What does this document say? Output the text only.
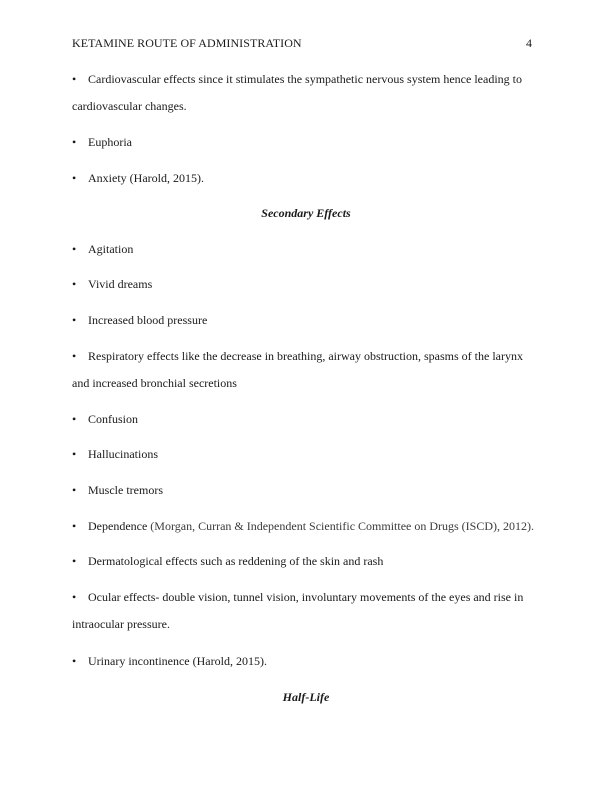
KETAMINE ROUTE OF ADMINISTRATION	4
• Cardiovascular effects since it stimulates the sympathetic nervous system hence leading to
cardiovascular changes.
• Euphoria
• Anxiety (Harold, 2015).
Secondary Effects
• Agitation
• Vivid dreams
• Increased blood pressure
• Respiratory effects like the decrease in breathing, airway obstruction, spasms of the larynx
and increased bronchial secretions
• Confusion
• Hallucinations
• Muscle tremors
• Dependence (Morgan, Curran & Independent Scientific Committee on Drugs (ISCD), 2012).
• Dermatological effects such as reddening of the skin and rash
• Ocular effects- double vision, tunnel vision, involuntary movements of the eyes and rise in
intraocular pressure.
• Urinary incontinence (Harold, 2015).
Half-Life
